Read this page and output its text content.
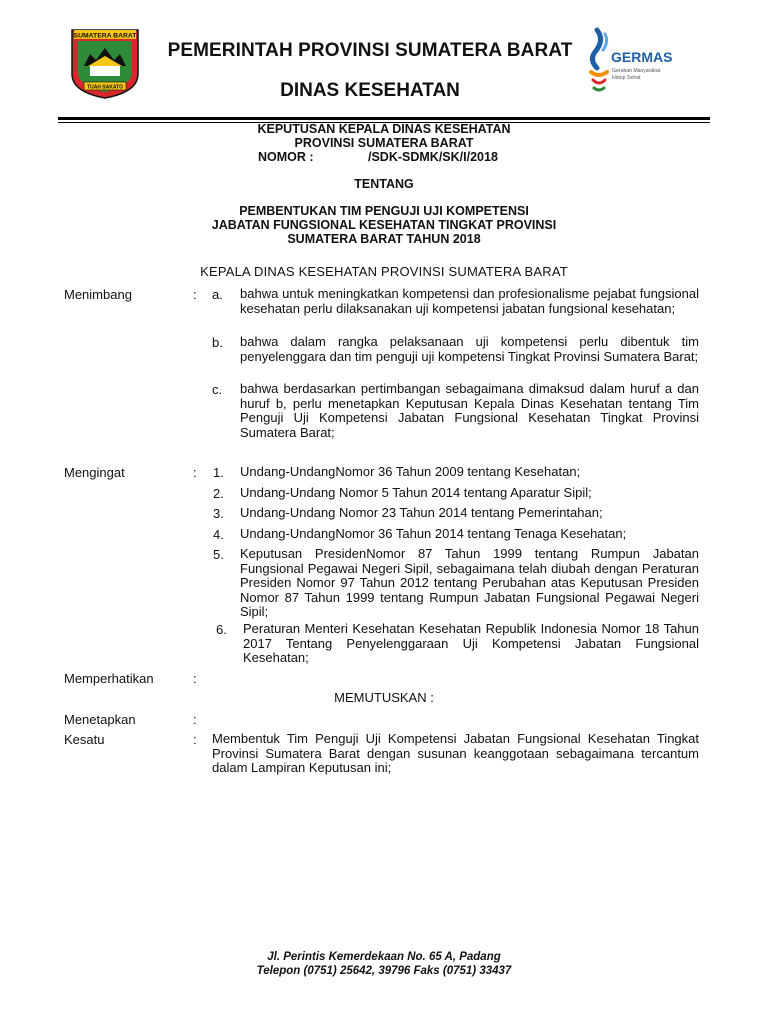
SUMATERA BARAT
TUAH SAKATO
PEMERINTAH PROVINSI SUMATERA BARAT
DINAS KESEHATAN
GERMAS
Gerakan Masyarakat
Hidup Sehat
KEPUTUSAN KEPALA DINAS KESEHATAN
PROVINSI SUMATERA BARAT
NOMOR :	/SDK-SDMK/SK/I/2018
TENTANG
PEMBENTUKAN TIM PENGUJI UJI KOMPETENSI
JABATAN FUNGSIONAL KESEHATAN TINGKAT PROVINSI
SUMATERA BARAT TAHUN 2018
KEPALA DINAS KESEHATAN PROVINSI SUMATERA BARAT
Menimbang	: a. bahwa untuk meningkatkan kompetensi dan profesionalisme pejabat fungsional kesehatan perlu dilaksanakan uji kompetensi jabatan fungsional kesehatan;
b. bahwa dalam rangka pelaksanaan uji kompetensi perlu dibentuk tim penyelenggara dan tim penguji uji kompetensi Tingkat Provinsi Sumatera Barat;
c. bahwa berdasarkan pertimbangan sebagaimana dimaksud dalam huruf a dan huruf b, perlu menetapkan Keputusan Kepala Dinas Kesehatan tentang Tim Penguji Uji Kompetensi Jabatan Fungsional Kesehatan Tingkat Provinsi Sumatera Barat;
Mengingat	: 1. Undang-UndangNomor 36 Tahun 2009 tentang Kesehatan;
2. Undang-Undang Nomor 5 Tahun 2014 tentang Aparatur Sipil;
3. Undang-Undang Nomor 23 Tahun 2014 tentang Pemerintahan;
4. Undang-UndangNomor 36 Tahun 2014 tentang Tenaga Kesehatan;
5. Keputusan PresidenNomor 87 Tahun 1999 tentang Rumpun Jabatan Fungsional Pegawai Negeri Sipil, sebagaimana telah diubah dengan Peraturan Presiden Nomor 97 Tahun 2012 tentang Perubahan atas Keputusan Presiden Nomor 87 Tahun 1999 tentang Rumpun Jabatan Fungsional Pegawai Negeri Sipil;
6. Peraturan Menteri Kesehatan Kesehatan Republik Indonesia Nomor 18 Tahun 2017 Tentang Penyelenggaraan Uji Kompetensi Jabatan Fungsional Kesehatan;
Memperhatikan	:
MEMUTUSKAN :
Menetapkan	:
Kesatu	: Membentuk Tim Penguji Uji Kompetensi Jabatan Fungsional Kesehatan Tingkat Provinsi Sumatera Barat dengan susunan keanggotaan sebagaimana tercantum dalam Lampiran Keputusan ini;
Jl. Perintis Kemerdekaan No. 65 A, Padang
Telepon (0751) 25642, 39796 Faks (0751) 33437
